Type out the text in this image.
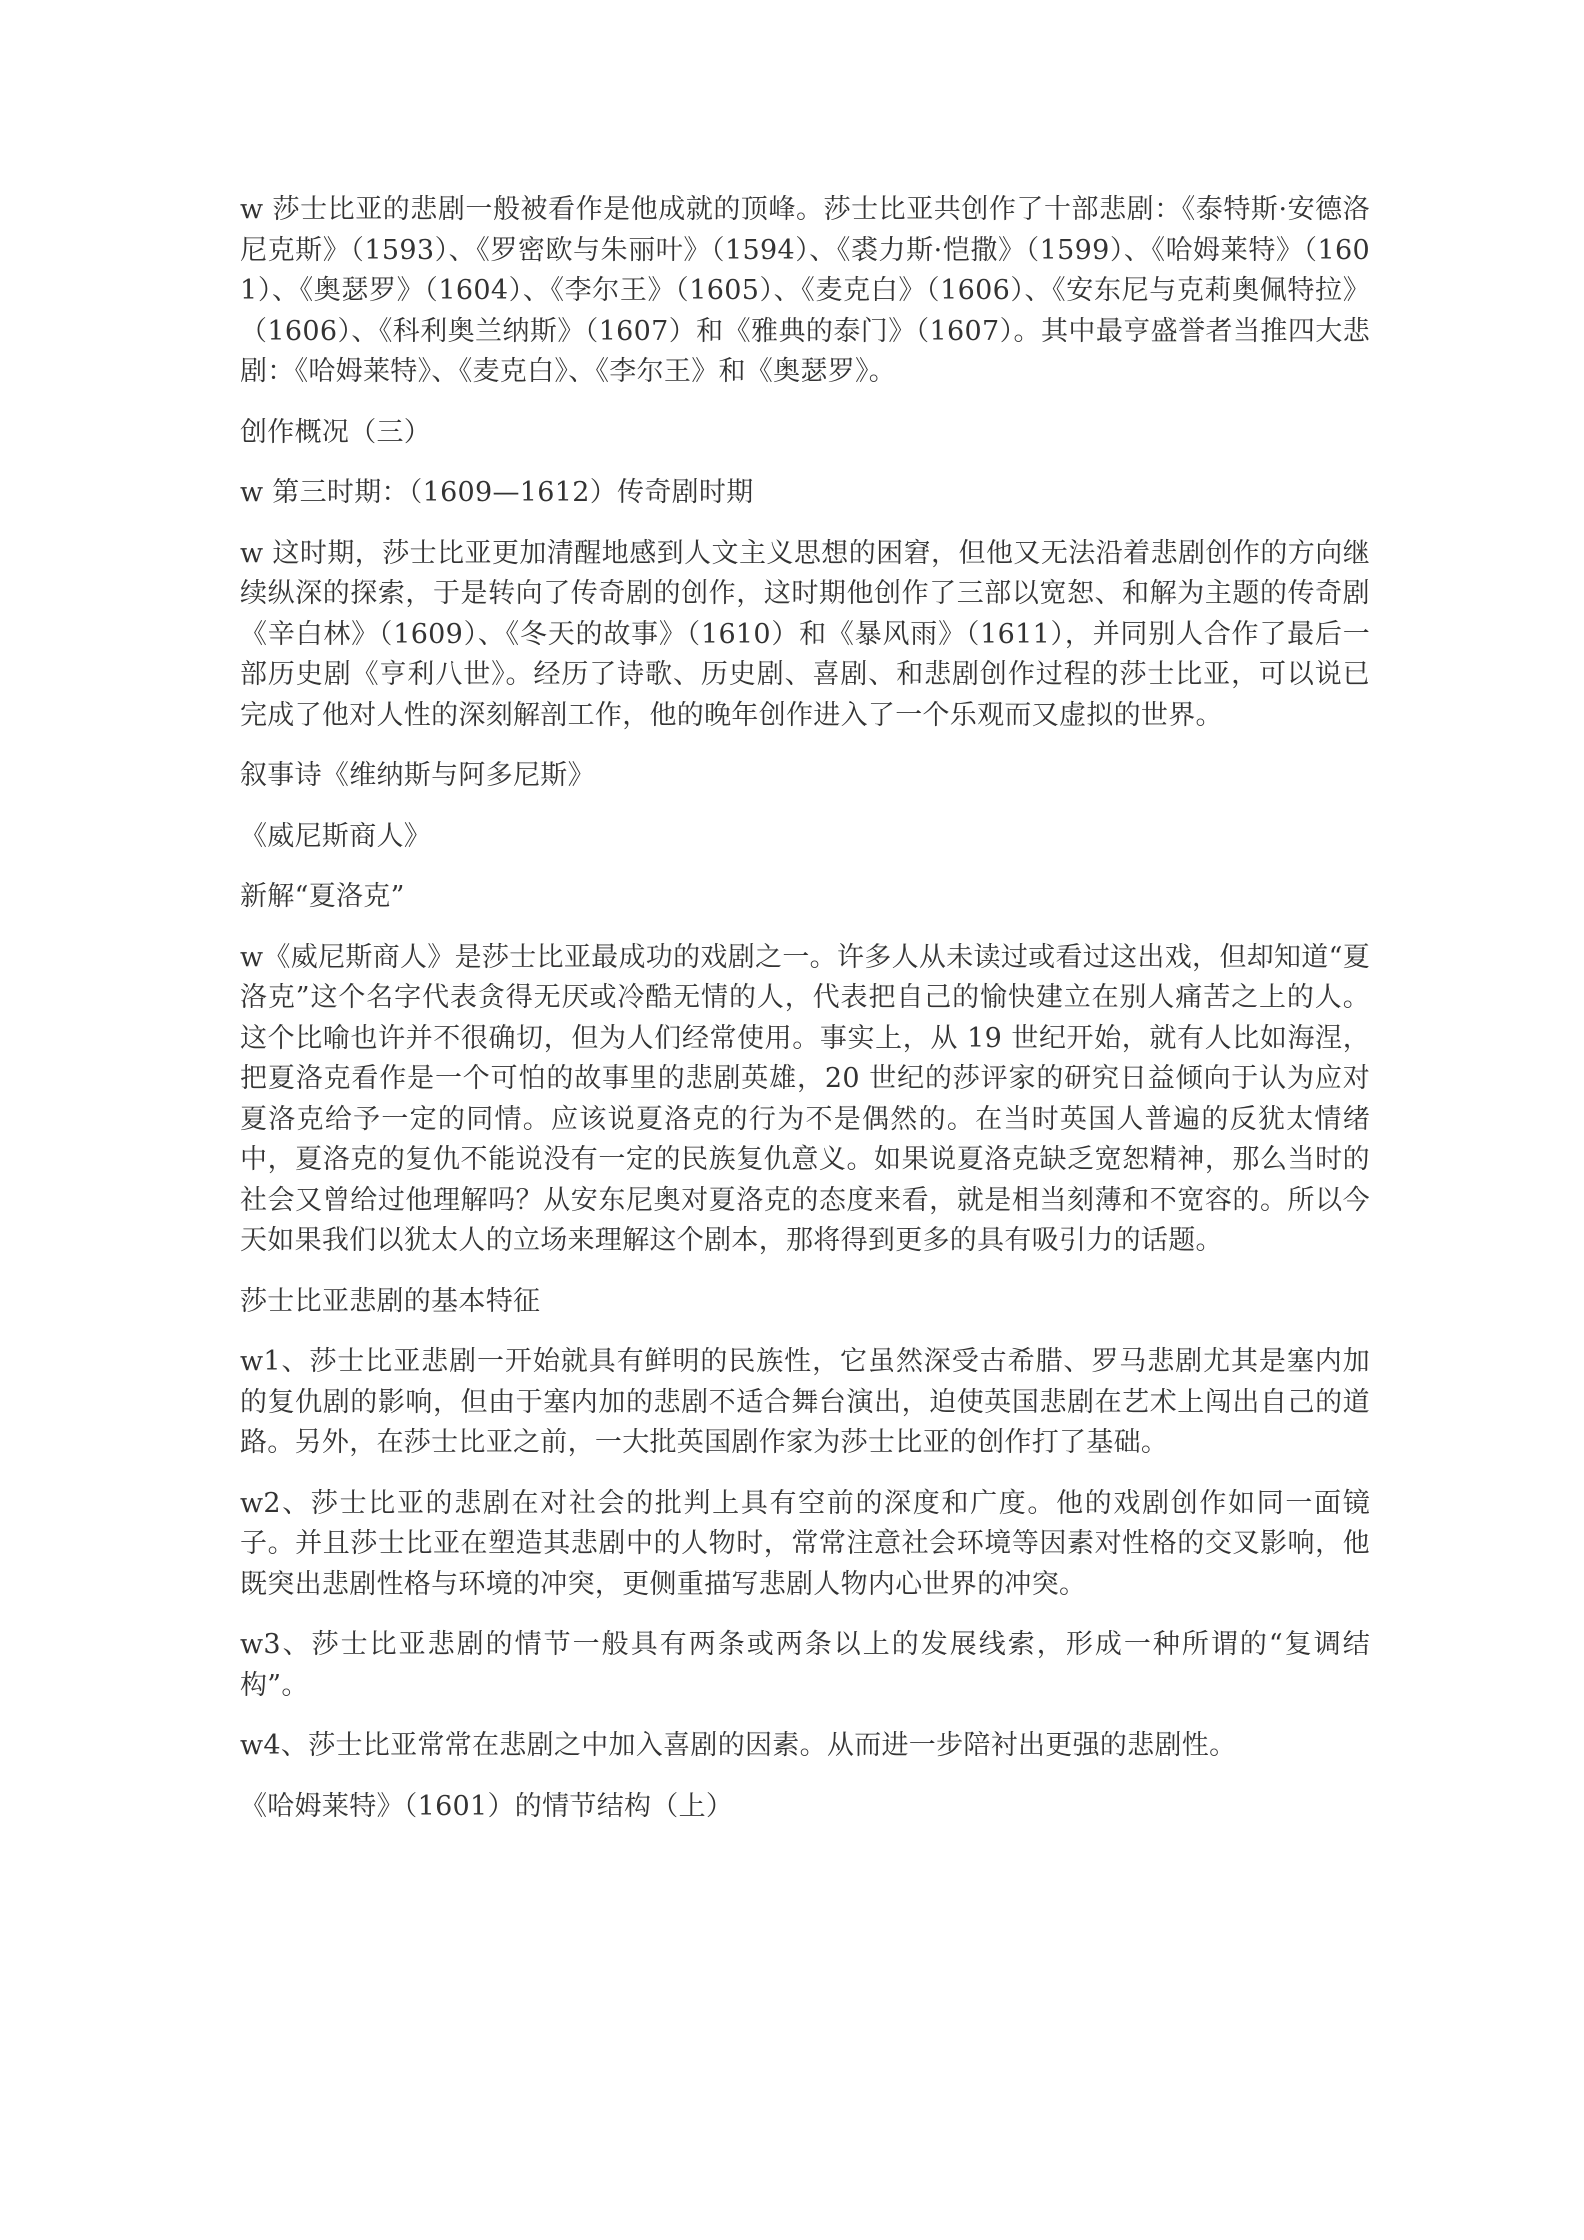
w 莎士比亚的悲剧一般被看作是他成就的顶峰。莎士比亚共创作了十部悲剧：《泰特斯·安德洛尼克斯》（1593）、《罗密欧与朱丽叶》（1594）、《裘力斯·恺撒》（1599）、《哈姆莱特》（1601）、《奥瑟罗》（1604）、《李尔王》（1605）、《麦克白》（1606）、《安东尼与克莉奥佩特拉》（1606）、《科利奥兰纳斯》（1607）和《雅典的泰门》（1607）。其中最亨盛誉者当推四大悲剧：《哈姆莱特》、《麦克白》、《李尔王》和《奥瑟罗》。

创作概况（三）

w 第三时期：（1609—1612）传奇剧时期

w 这时期，莎士比亚更加清醒地感到人文主义思想的困窘，但他又无法沿着悲剧创作的方向继续纵深的探索，于是转向了传奇剧的创作，这时期他创作了三部以宽恕、和解为主题的传奇剧《辛白林》（1609）、《冬天的故事》（1610）和《暴风雨》（1611），并同别人合作了最后一部历史剧《亨利八世》。经历了诗歌、历史剧、喜剧、和悲剧创作过程的莎士比亚，可以说已完成了他对人性的深刻解剖工作，他的晚年创作进入了一个乐观而又虚拟的世界。

叙事诗《维纳斯与阿多尼斯》

《威尼斯商人》

新解“夏洛克”

w《威尼斯商人》是莎士比亚最成功的戏剧之一。许多人从未读过或看过这出戏，但却知道“夏洛克”这个名字代表贪得无厌或冷酷无情的人，代表把自己的愉快建立在别人痛苦之上的人。这个比喻也许并不很确切，但为人们经常使用。事实上，从 19 世纪开始，就有人比如海涅，把夏洛克看作是一个可怕的故事里的悲剧英雄，20 世纪的莎评家的研究日益倾向于认为应对夏洛克给予一定的同情。应该说夏洛克的行为不是偶然的。在当时英国人普遍的反犹太情绪中，夏洛克的复仇不能说没有一定的民族复仇意义。如果说夏洛克缺乏宽恕精神，那么当时的社会又曾给过他理解吗？从安东尼奥对夏洛克的态度来看，就是相当刻薄和不宽容的。所以今天如果我们以犹太人的立场来理解这个剧本，那将得到更多的具有吸引力的话题。

莎士比亚悲剧的基本特征

w1、莎士比亚悲剧一开始就具有鲜明的民族性，它虽然深受古希腊、罗马悲剧尤其是塞内加的复仇剧的影响，但由于塞内加的悲剧不适合舞台演出，迫使英国悲剧在艺术上闯出自己的道路。另外，在莎士比亚之前，一大批英国剧作家为莎士比亚的创作打了基础。

w2、莎士比亚的悲剧在对社会的批判上具有空前的深度和广度。他的戏剧创作如同一面镜子。并且莎士比亚在塑造其悲剧中的人物时，常常注意社会环境等因素对性格的交叉影响，他既突出悲剧性格与环境的冲突，更侧重描写悲剧人物内心世界的冲突。

w3、莎士比亚悲剧的情节一般具有两条或两条以上的发展线索，形成一种所谓的“复调结构”。

w4、莎士比亚常常在悲剧之中加入喜剧的因素。从而进一步陪衬出更强的悲剧性。

《哈姆莱特》（1601）的情节结构（上）
